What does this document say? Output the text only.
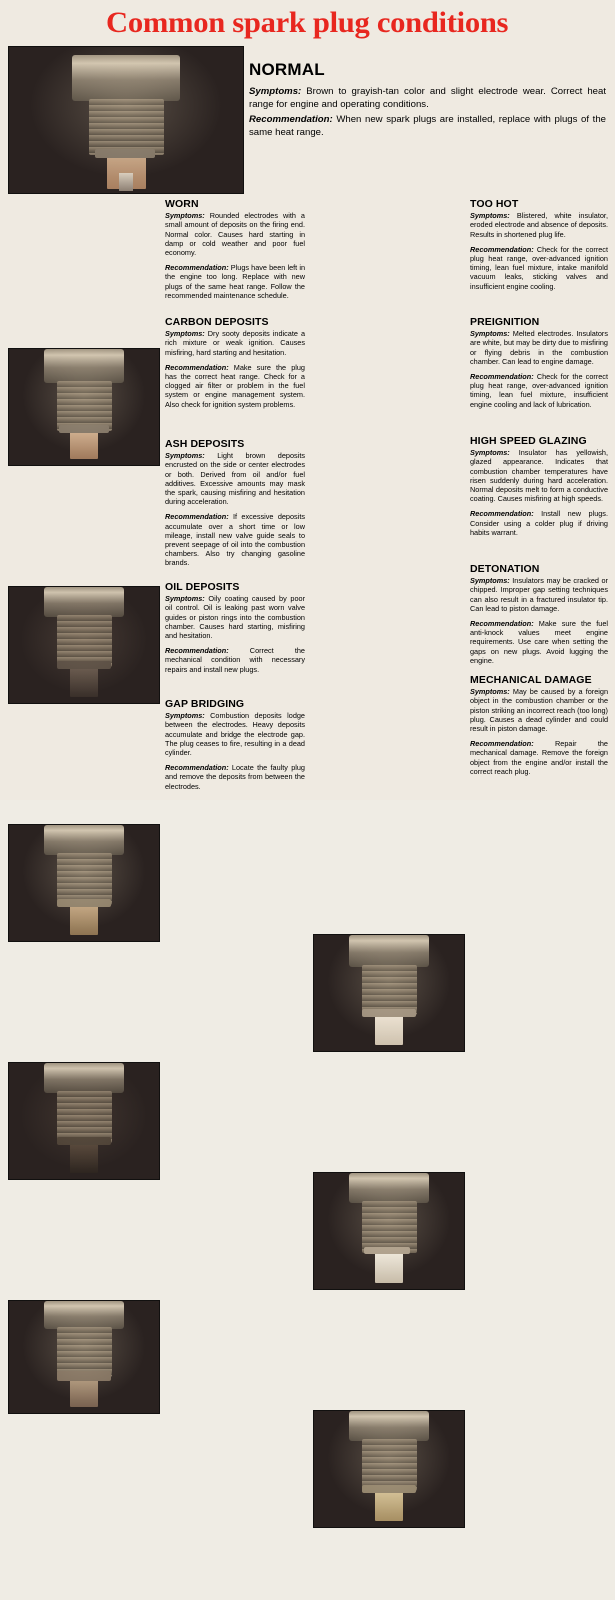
Common spark plug conditions
NORMAL

Symptoms: Brown to grayish-tan color and slight electrode wear. Correct heat range for engine and operating conditions.

Recommendation: When new spark plugs are installed, replace with plugs of the same heat range.

WORN

Symptoms: Rounded electrodes with a small amount of deposits on the firing end. Normal color. Causes hard starting in damp or cold weather and poor fuel economy.

Recommendation: Plugs have been left in the engine too long. Replace with new plugs of the same heat range. Follow the recommended maintenance schedule.

CARBON DEPOSITS

Symptoms: Dry sooty deposits indicate a rich mixture or weak ignition. Causes misfiring, hard starting and hesitation.

Recommendation: Make sure the plug has the correct heat range. Check for a clogged air filter or problem in the fuel system or engine management system. Also check for ignition system problems.

ASH DEPOSITS

Symptoms: Light brown deposits encrusted on the side or center electrodes or both. Derived from oil and/or fuel additives. Excessive amounts may mask the spark, causing misfiring and hesitation during acceleration.

Recommendation: If excessive deposits accumulate over a short time or low mileage, install new valve guide seals to prevent seepage of oil into the combustion chambers. Also try changing gasoline brands.

OIL DEPOSITS

Symptoms: Oily coating caused by poor oil control. Oil is leaking past worn valve guides or piston rings into the combustion chamber. Causes hard starting, misfiring and hesitation.

Recommendation: Correct the mechanical condition with necessary repairs and install new plugs.

GAP BRIDGING

Symptoms: Combustion deposits lodge between the electrodes. Heavy deposits accumulate and bridge the electrode gap. The plug ceases to fire, resulting in a dead cylinder.

Recommendation: Locate the faulty plug and remove the deposits from between the electrodes.

TOO HOT

Symptoms: Blistered, white insulator, eroded electrode and absence of deposits. Results in shortened plug life.

Recommendation: Check for the correct plug heat range, over-advanced ignition timing, lean fuel mixture, intake manifold vacuum leaks, sticking valves and insufficient engine cooling.

PREIGNITION

Symptoms: Melted electrodes. Insulators are white, but may be dirty due to misfiring or flying debris in the combustion chamber. Can lead to engine damage.

Recommendation: Check for the correct plug heat range, over-advanced ignition timing, lean fuel mixture, insufficient engine cooling and lack of lubrication.

HIGH SPEED GLAZING

Symptoms: Insulator has yellowish, glazed appearance. Indicates that combustion chamber temperatures have risen suddenly during hard acceleration. Normal deposits melt to form a conductive coating. Causes misfiring at high speeds.

Recommendation: Install new plugs. Consider using a colder plug if driving habits warrant.

DETONATION

Symptoms: Insulators may be cracked or chipped. Improper gap setting techniques can also result in a fractured insulator tip. Can lead to piston damage.

Recommendation: Make sure the fuel anti-knock values meet engine requirements. Use care when setting the gaps on new plugs. Avoid lugging the engine.

MECHANICAL DAMAGE

Symptoms: May be caused by a foreign object in the combustion chamber or the piston striking an incorrect reach (too long) plug. Causes a dead cylinder and could result in piston damage.

Recommendation: Repair the mechanical damage. Remove the foreign object from the engine and/or install the correct reach plug.
